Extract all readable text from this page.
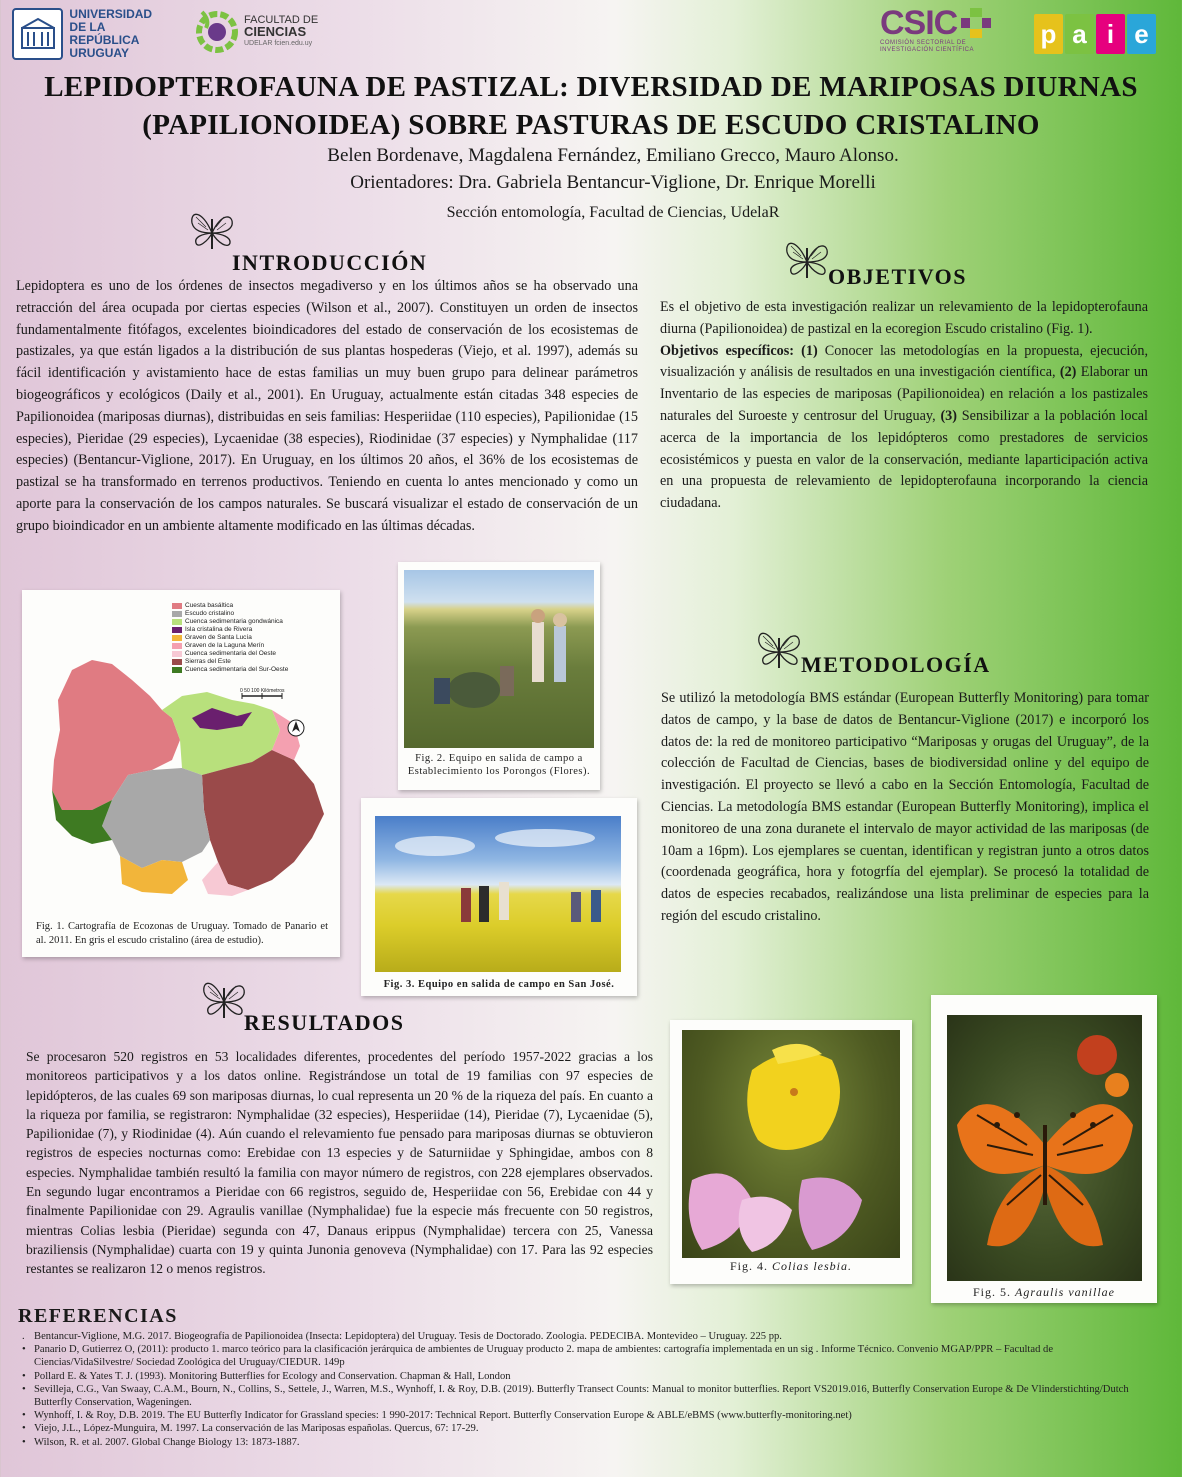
UNIVERSIDAD
DE LA REPÚBLICA
URUGUAY
FACULTAD DE
CIENCIAS
UDELAR fcien.edu.uy
CSIC
COMISIÓN SECTORIAL DE
INVESTIGACIÓN CIENTÍFICA
p a i e
LEPIDOPTEROFAUNA DE PASTIZAL: DIVERSIDAD DE MARIPOSAS DIURNAS
(PAPILIONOIDEA) SOBRE PASTURAS DE ESCUDO CRISTALINO
Belen Bordenave, Magdalena Fernández, Emiliano Grecco, Mauro Alonso.
Orientadores: Dra. Gabriela Bentancur-Viglione, Dr. Enrique Morelli
Sección entomología, Facultad de Ciencias, UdelaR
INTRODUCCIÓN
Lepidoptera es uno de los órdenes de insectos megadiverso y en los últimos años se ha observado una retracción del área ocupada por ciertas especies (Wilson et al., 2007). Constituyen un orden de insectos fundamentalmente fitófagos, excelentes bioindicadores del estado de conservación de los ecosistemas de pastizales, ya que están ligados a la distribución de sus plantas hospederas (Viejo, et al. 1997), además su fácil identificación y avistamiento hace de estas familias un muy buen grupo para delinear parámetros biogeográficos y ecológicos (Daily et al., 2001). En Uruguay, actualmente están citadas 348 especies de Papilionoidea (mariposas diurnas), distribuidas en seis familias: Hesperiidae (110 especies), Papilionidae (15 especies), Pieridae (29 especies), Lycaenidae (38 especies), Riodinidae (37 especies) y Nymphalidae (117 especies) (Bentancur-Viglione, 2017). En Uruguay, en los últimos 20 años, el 36% de los ecosistemas de pastizal se ha transformado en terrenos productivos. Teniendo en cuenta lo antes mencionado y como un aporte para la conservación de los campos naturales. Se buscará visualizar el estado de conservación de un grupo bioindicador en un ambiente altamente modificado en las últimas décadas.
OBJETIVOS
Es el objetivo de esta investigación realizar un relevamiento de la lepidopterofauna diurna (Papilionoidea) de pastizal en la ecoregion Escudo cristalino (Fig. 1).
Objetivos específicos: (1) Conocer las metodologías en la propuesta, ejecución, visualización y análisis de resultados en una investigación científica, (2) Elaborar un Inventario de las especies de mariposas (Papilionoidea) en relación a los pastizales naturales del Suroeste y centrosur del Uruguay, (3) Sensibilizar a la población local acerca de la importancia de los lepidópteros como prestadores de servicios ecosistémicos y puesta en valor de la conservación, mediante laparticipación activa en una propuesta de relevamiento de lepidopterofauna incorporando la ciencia ciudadana.
Cuesta basáltica
Escudo cristalino
Cuenca sedimentaria gondwánica
Isla cristalina de Rivera
Graven de Santa Lucía
Graven de la Laguna Merín
Cuenca sedimentaria del Oeste
Sierras del Este
Cuenca sedimentaria del Sur-Oeste
0 50 100 Kilómetros
Fig. 1. Cartografía de Ecozonas de Uruguay. Tomado de Panario et al. 2011. En gris el escudo cristalino (área de estudio).
Fig. 2. Equipo en salida de campo a Establecimiento los Porongos (Flores).
Fig. 3. Equipo en salida de campo en San José.
METODOLOGÍA
Se utilizó la metodología BMS estándar (European Butterfly Monitoring) para tomar datos de campo, y la base de datos de Bentancur-Viglione (2017) e incorporó los datos de: la red de monitoreo participativo “Mariposas y orugas del Uruguay”, de la colección de Facultad de Ciencias, bases de biodiversidad online y del equipo de investigación. El proyecto se llevó a cabo en la Sección Entomología, Facultad de Ciencias. La metodología BMS estandar (European Butterfly Monitoring), implica el monitoreo de una zona duranete el intervalo de mayor actividad de las mariposas (de 10am a 16pm). Los ejemplares se cuentan, identifican y registran junto a otros datos (coordenada geográfica, hora y fotogrfía del ejemplar). Se procesó la totalidad de datos de especies recabados, realizándose una lista preliminar de especies para la región del escudo cristalino.
RESULTADOS
Se procesaron 520 registros en 53 localidades diferentes, procedentes del período 1957-2022 gracias a los monitoreos participativos y a los datos online. Registrándose un total de 19 familias con 97 especies de lepidópteros, de las cuales 69 son mariposas diurnas, lo cual representa un 20 % de la riqueza del país. En cuanto a la riqueza por familia, se registraron: Nymphalidae (32 especies), Hesperiidae (14), Pieridae (7), Lycaenidae (5), Papilionidae (7), y Riodinidae (4). Aún cuando el relevamiento fue pensado para mariposas diurnas se obtuvieron registros de especies nocturnas como: Erebidae con 13 especies y de Saturniidae y Sphingidae, ambos con 8 especies. Nymphalidae también resultó la familia con mayor número de registros, con 228 ejemplares observados. En segundo lugar encontramos a Pieridae con 66 registros, seguido de, Hesperiidae con 56, Erebidae con 44 y finalmente Papilionidae con 29. Agraulis vanillae (Nymphalidae) fue la especie más frecuente con 50 registros, mientras Colias lesbia (Pieridae) segunda con 47, Danaus erippus (Nymphalidae) tercera con 25, Vanessa braziliensis (Nymphalidae) cuarta con 19 y quinta Junonia genoveva (Nymphalidae) con 17. Para las 92 especies restantes se realizaron 12 o menos registros.	Fig. 4. Colias lesbia.
Fig. 5. Agraulis vanillae
REFERENCIAS
. Bentancur-Viglione, M.G. 2017. Biogeografía de Papilionoidea (Insecta: Lepidoptera) del Uruguay. Tesis de Doctorado. Zoologia. PEDECIBA. Montevideo – Uruguay. 225 pp.
• Panario D, Gutierrez O, (2011): producto 1. marco teórico para la clasificación jerárquica de ambientes de Uruguay producto 2. mapa de ambientes: cartografía implementada en un sig . Informe Técnico. Convenio MGAP/PPR – Facultad de Ciencias/VidaSilvestre/ Sociedad Zoológica del Uruguay/CIEDUR. 149p
• Pollard E. & Yates T. J. (1993). Monitoring Butterflies for Ecology and Conservation. Chapman & Hall, London
• Sevilleja, C.G., Van Swaay, C.A.M., Bourn, N., Collins, S., Settele, J., Warren, M.S., Wynhoff, I. & Roy, D.B. (2019). Butterfly Transect Counts: Manual to monitor butterflies. Report VS2019.016, Butterfly Conservation Europe & De Vlinderstichting/Dutch Butterfly Conservation, Wageningen.
• Wynhoff, I. & Roy, D.B. 2019. The EU Butterfly Indicator for Grassland species: 1 990-2017: Technical Report. Butterfly Conservation Europe & ABLE/eBMS (www.butterfly-monitoring.net)
• Viejo, J.L., López-Munguira, M. 1997. La conservación de las Mariposas españolas. Quercus, 67: 17-29.
• Wilson, R. et al. 2007. Global Change Biology 13: 1873-1887.
